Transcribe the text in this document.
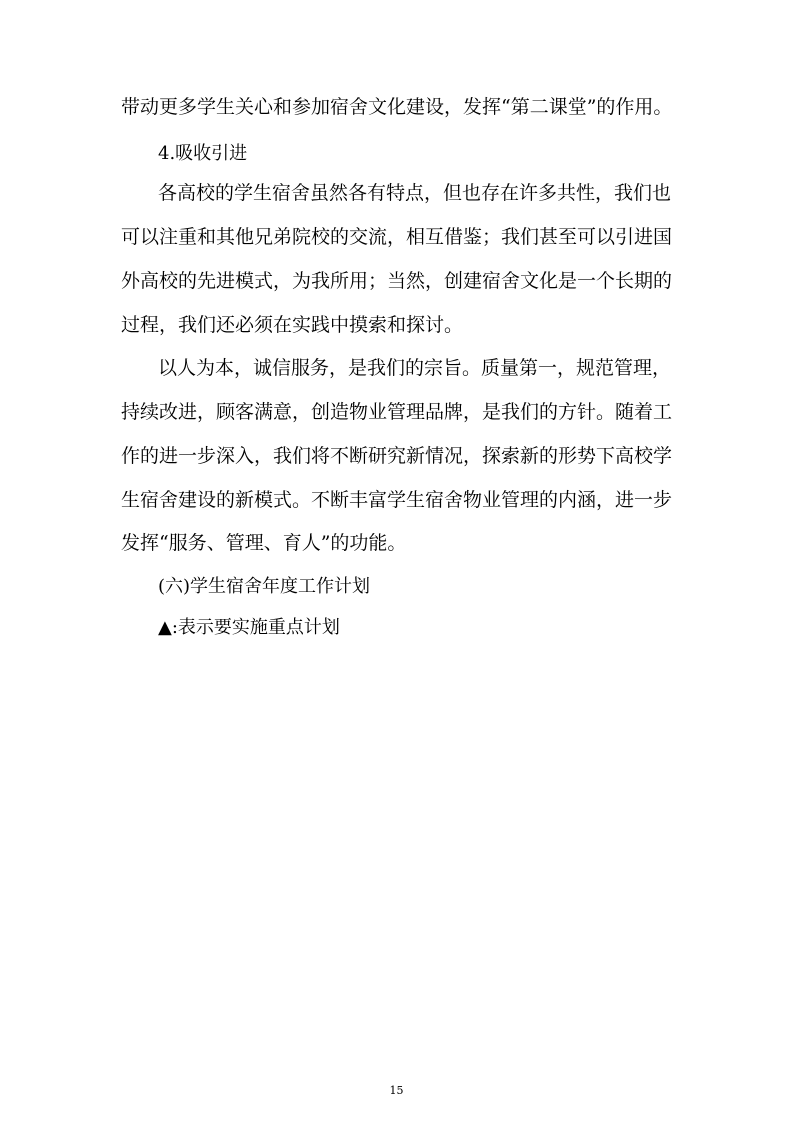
带动更多学生关心和参加宿舍文化建设，发挥“第二课堂”的作用。
4.吸收引进
各高校的学生宿舍虽然各有特点，但也存在许多共性，我们也
可以注重和其他兄弟院校的交流，相互借鉴；我们甚至可以引进国
外高校的先进模式，为我所用；当然，创建宿舍文化是一个长期的
过程，我们还必须在实践中摸索和探讨。
以人为本，诚信服务，是我们的宗旨。质量第一，规范管理，
持续改进，顾客满意，创造物业管理品牌，是我们的方针。随着工
作的进一步深入，我们将不断研究新情况，探索新的形势下高校学
生宿舍建设的新模式。不断丰富学生宿舍物业管理的内涵，进一步
发挥“服务、管理、育人”的功能。
(六)学生宿舍年度工作计划
▲:表示要实施重点计划
15
